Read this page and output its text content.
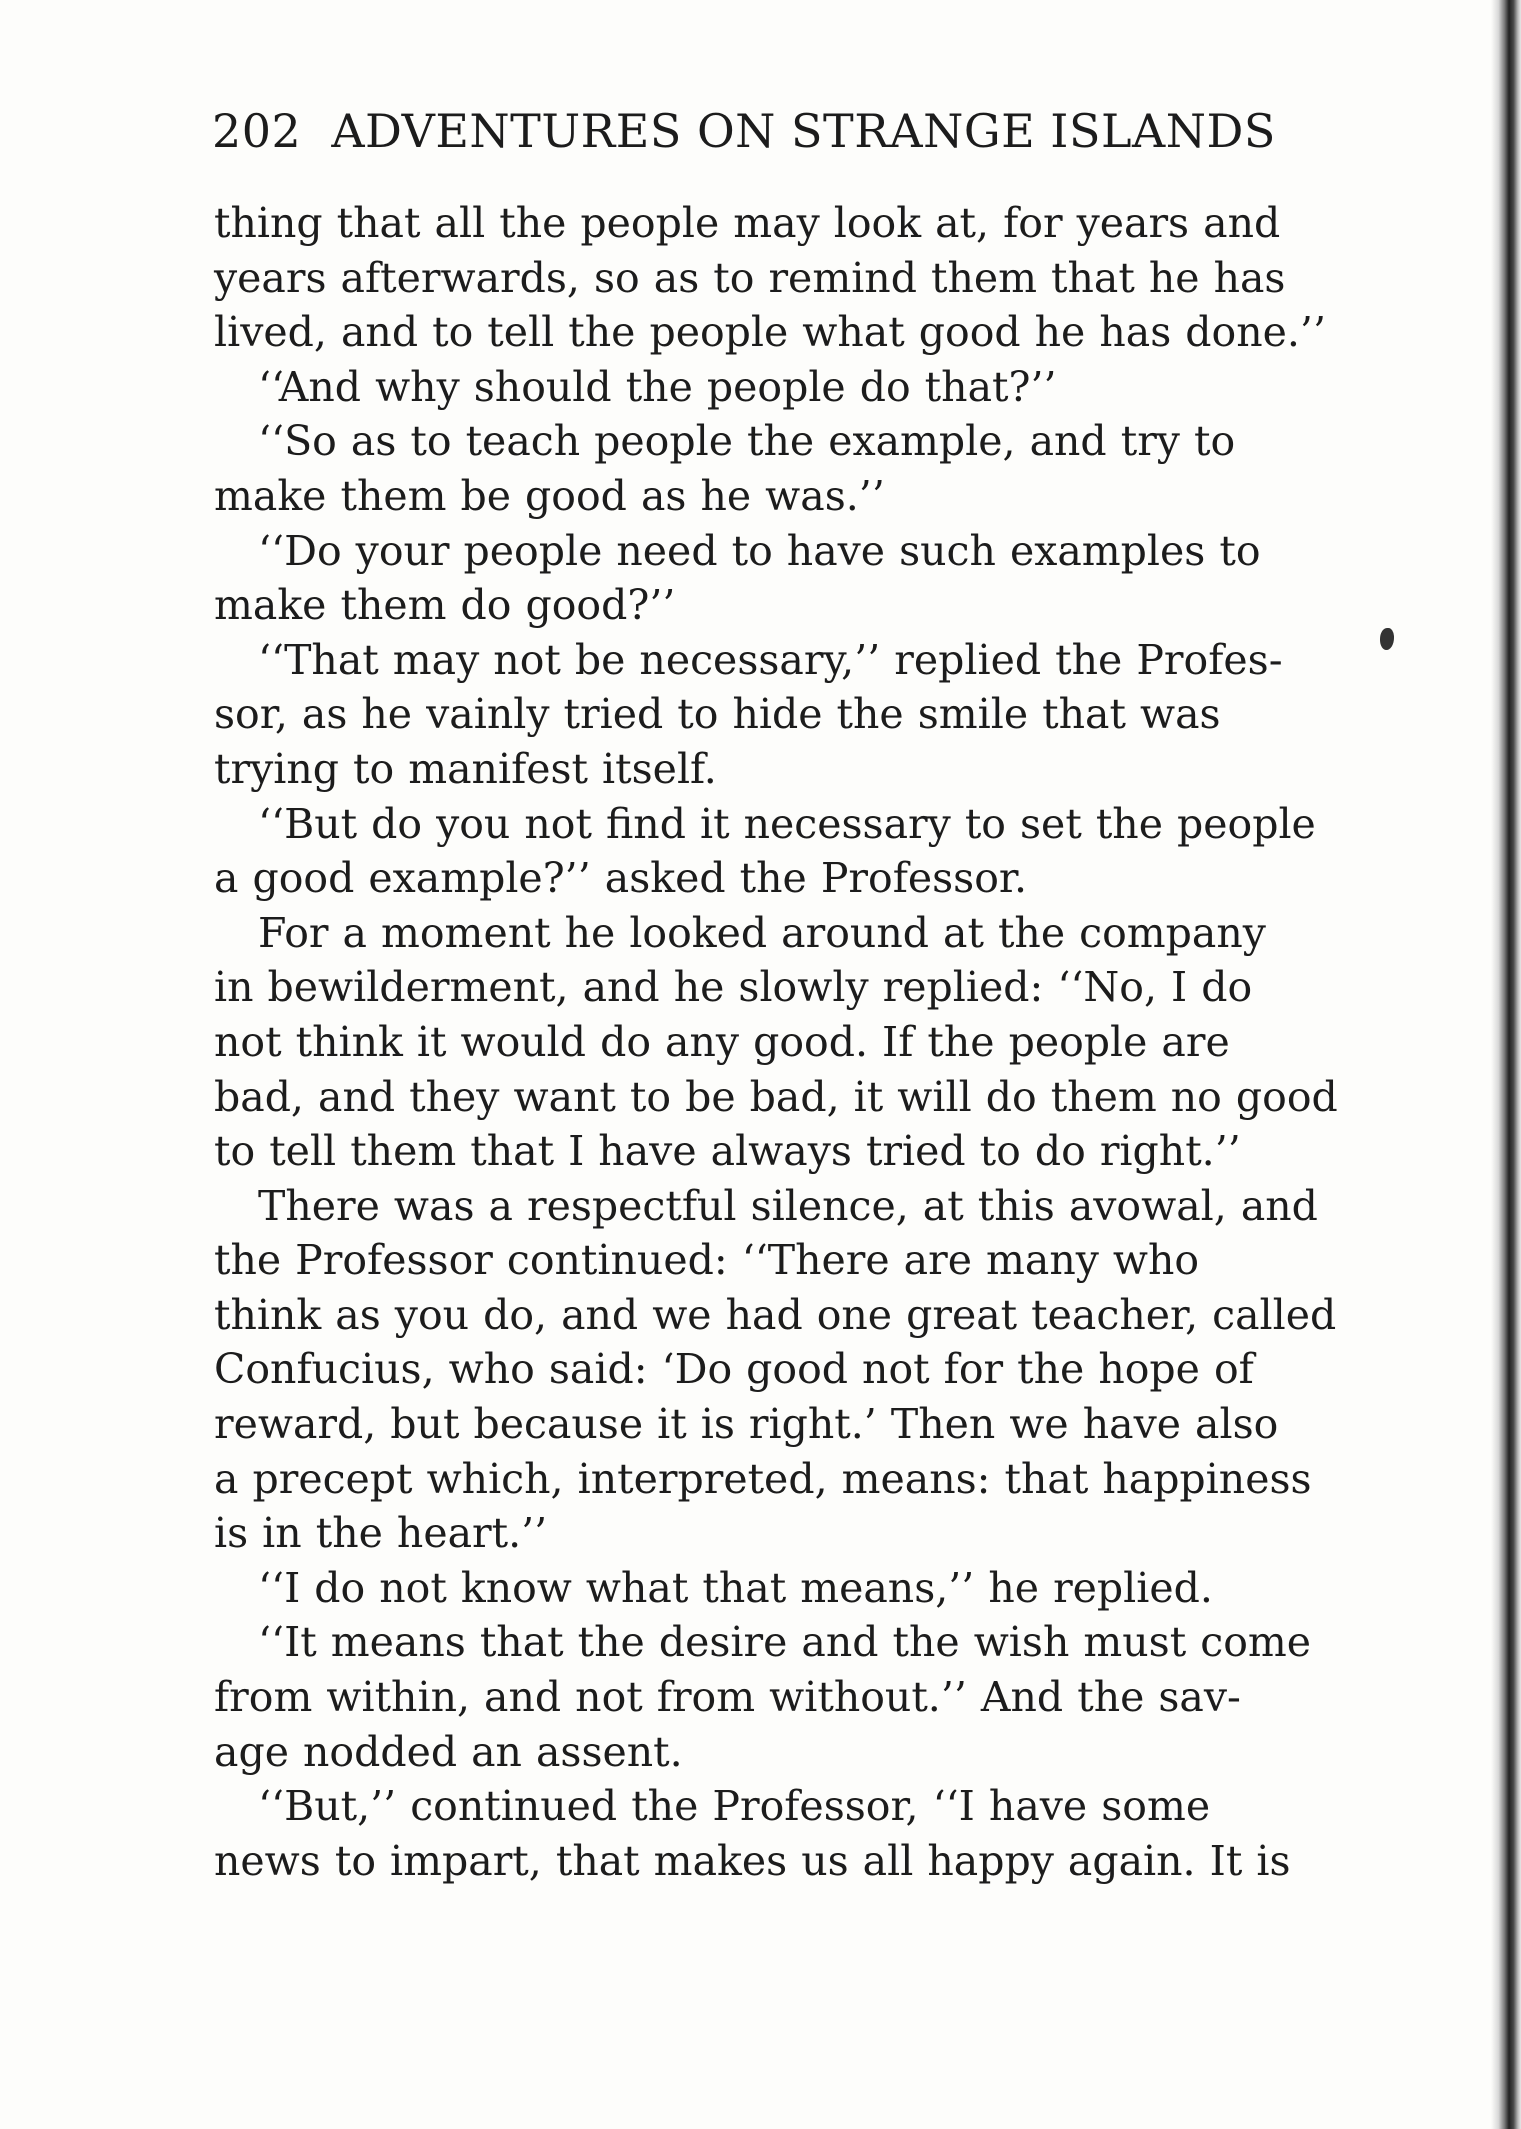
202 ADVENTURES ON STRANGE ISLANDS
thing that all the people may look at, for years and
years afterwards, so as to remind them that he has
lived, and to tell the people what good he has done.’’
‘‘And why should the people do that?’’
‘‘So as to teach people the example, and try to
make them be good as he was.’’
‘‘Do your people need to have such examples to
make them do good?’’
‘‘That may not be necessary,’’ replied the Profes-
sor, as he vainly tried to hide the smile that was
trying to manifest itself.
‘‘But do you not find it necessary to set the people
a good example?’’ asked the Professor.
For a moment he looked around at the company
in bewilderment, and he slowly replied: ‘‘No, I do
not think it would do any good. If the people are
bad, and they want to be bad, it will do them no good
to tell them that I have always tried to do right.’’
There was a respectful silence, at this avowal, and
the Professor continued: ‘‘There are many who
think as you do, and we had one great teacher, called
Confucius, who said: ‘Do good not for the hope of
reward, but because it is right.’ Then we have also
a precept which, interpreted, means: that happiness
is in the heart.’’
‘‘I do not know what that means,’’ he replied.
‘‘It means that the desire and the wish must come
from within, and not from without.’’ And the sav-
age nodded an assent.
‘‘But,’’ continued the Professor, ‘‘I have some
news to impart, that makes us all happy again. It is
